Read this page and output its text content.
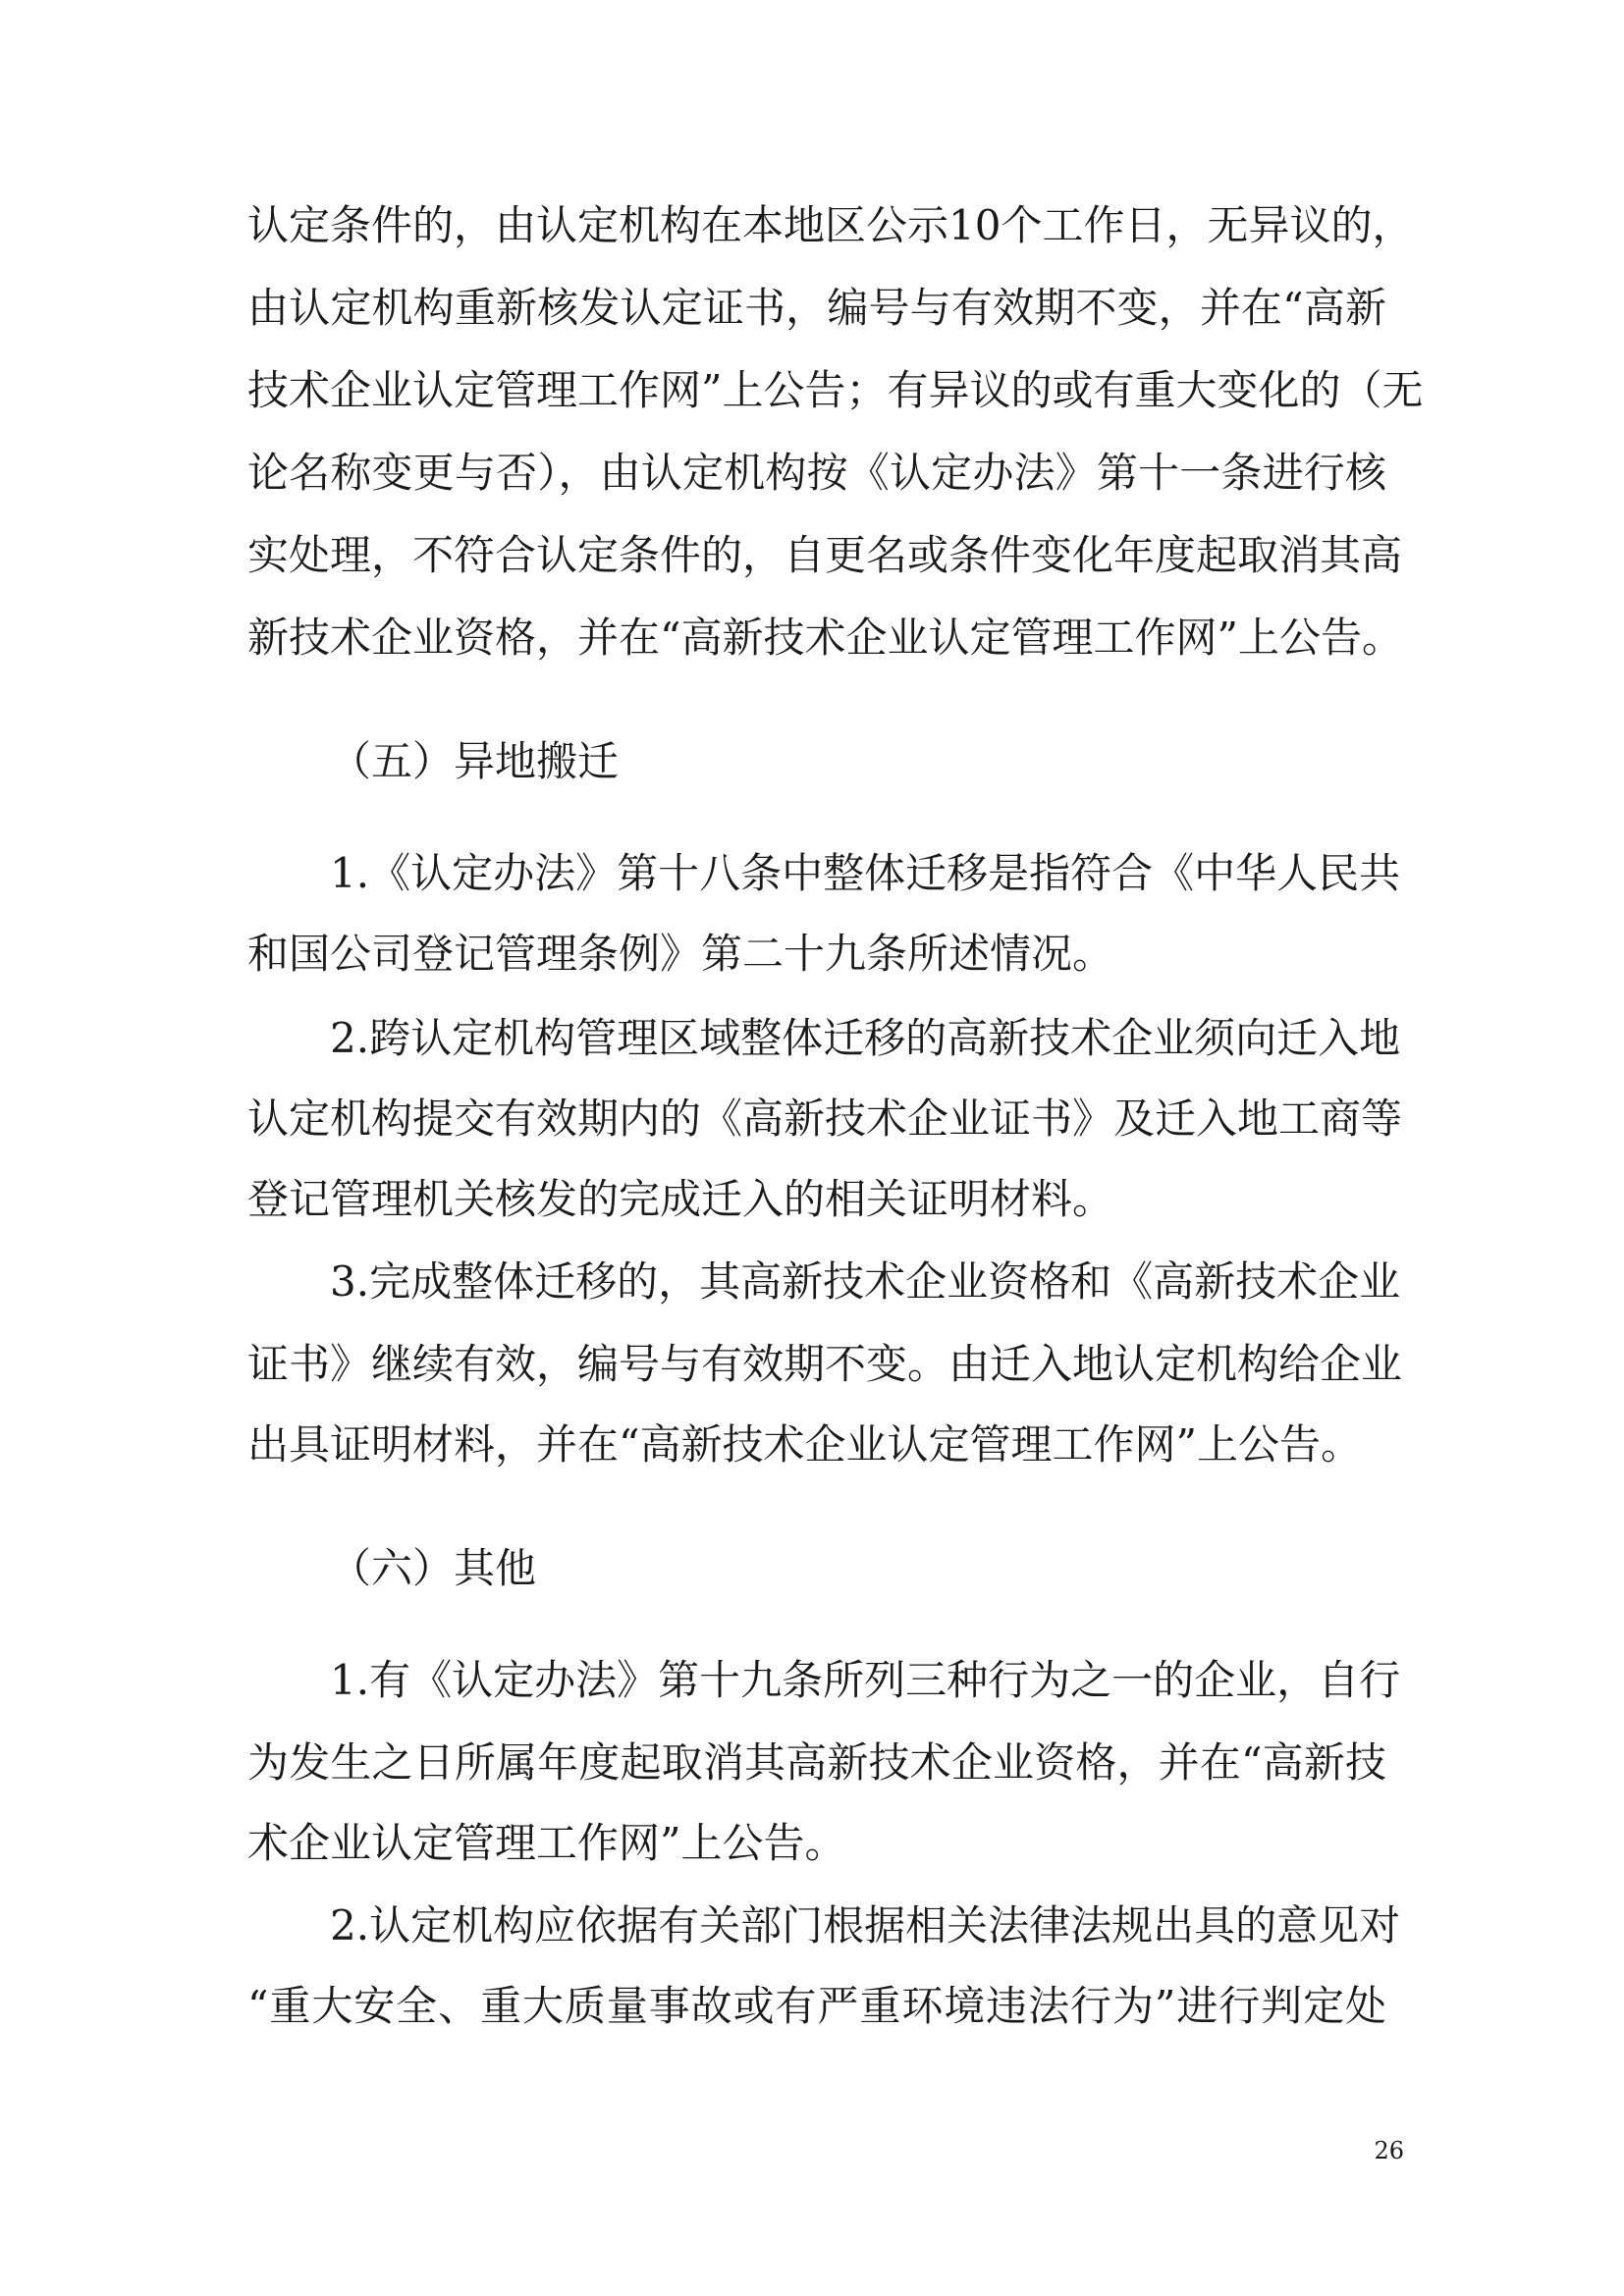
认定条件的，由认定机构在本地区公示10个工作日，无异议的，
由认定机构重新核发认定证书，编号与有效期不变，并在“高新
技术企业认定管理工作网”上公告；有异议的或有重大变化的（无
论名称变更与否），由认定机构按《认定办法》第十一条进行核
实处理，不符合认定条件的，自更名或条件变化年度起取消其高
新技术企业资格，并在“高新技术企业认定管理工作网”上公告。
（五）异地搬迁
1.《认定办法》第十八条中整体迁移是指符合《中华人民共
和国公司登记管理条例》第二十九条所述情况。
2.跨认定机构管理区域整体迁移的高新技术企业须向迁入地
认定机构提交有效期内的《高新技术企业证书》及迁入地工商等
登记管理机关核发的完成迁入的相关证明材料。
3.完成整体迁移的，其高新技术企业资格和《高新技术企业
证书》继续有效，编号与有效期不变。由迁入地认定机构给企业
出具证明材料，并在“高新技术企业认定管理工作网”上公告。
（六）其他
1.有《认定办法》第十九条所列三种行为之一的企业，自行
为发生之日所属年度起取消其高新技术企业资格，并在“高新技
术企业认定管理工作网”上公告。
2.认定机构应依据有关部门根据相关法律法规出具的意见对
“重大安全、重大质量事故或有严重环境违法行为”进行判定处
26
